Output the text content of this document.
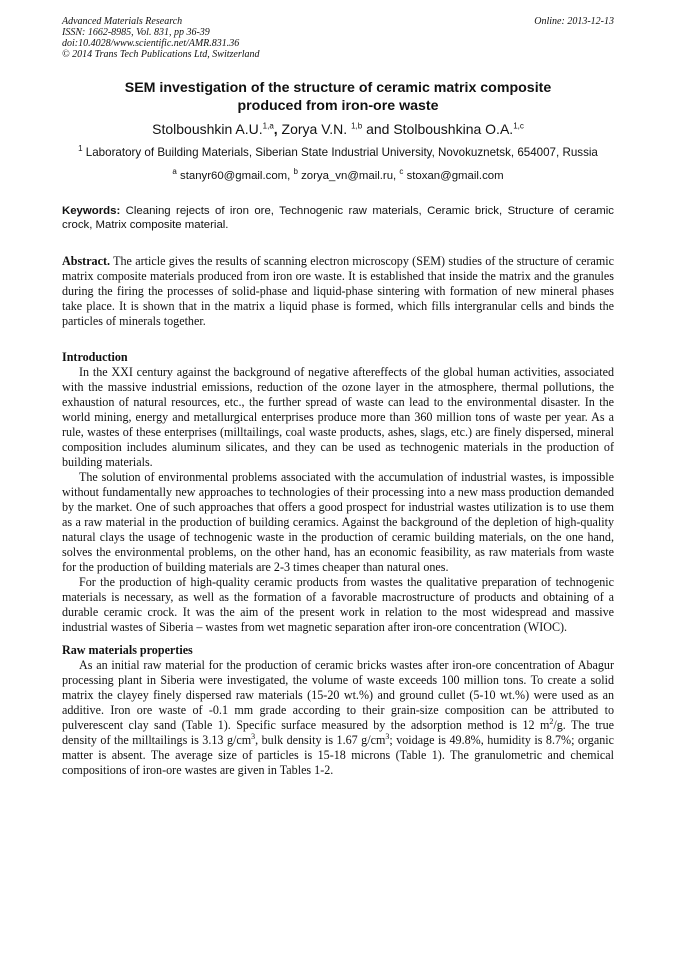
Advanced Materials Research
ISSN: 1662-8985, Vol. 831, pp 36-39
doi:10.4028/www.scientific.net/AMR.831.36
© 2014 Trans Tech Publications Ltd, Switzerland
Online: 2013-12-13
SEM investigation of the structure of ceramic matrix composite
produced from iron-ore waste
Stolboushkin A.U.$^{1,a}$, Zorya V.N. $^{1,b}$ and Stolboushkina O.A.$^{1,c}$
$^1$ Laboratory of Building Materials, Siberian State Industrial University, Novokuznetsk, 654007, Russia
$^a$ stanyr60@gmail.com, $^b$ zorya_vn@mail.ru, $^c$ stoxan@gmail.com
Keywords: Cleaning rejects of iron ore, Technogenic raw materials, Ceramic brick, Structure of ceramic crock, Matrix composite material.
Abstract. The article gives the results of scanning electron microscopy (SEM) studies of the structure of ceramic matrix composite materials produced from iron ore waste. It is established that inside the matrix and the granules during the firing the processes of solid-phase and liquid-phase sintering with formation of new mineral phases take place. It is shown that in the matrix a liquid phase is formed, which fills intergranular cells and binds the particles of minerals together.
Introduction

In the XXI century against the background of negative aftereffects of the global human activities, associated with the massive industrial emissions, reduction of the ozone layer in the atmosphere, thermal pollutions, the exhaustion of natural resources, etc., the further spread of waste can lead to the environmental disaster. In the world mining, energy and metallurgical enterprises produce more than 360 million tons of waste per year. As a rule, wastes of these enterprises (milltailings, coal waste products, ashes, slags, etc.) are finely dispersed, mineral composition includes aluminum silicates, and they can be used as technogenic materials in the production of building materials.

The solution of environmental problems associated with the accumulation of industrial wastes, is impossible without fundamentally new approaches to technologies of their processing into a new mass production demanded by the market. One of such approaches that offers a good prospect for industrial wastes utilization is to use them as a raw material in the production of building ceramics. Against the background of the depletion of high-quality natural clays the usage of technogenic waste in the production of ceramic building materials, on the one hand, solves the environmental problems, on the other hand, has an economic feasibility, as raw materials from waste for the production of building materials are 2-3 times cheaper than natural ones.

For the production of high-quality ceramic products from wastes the qualitative preparation of technogenic materials is necessary, as well as the formation of a favorable macrostructure of products and obtaining of a durable ceramic crock. It was the aim of the present work in relation to the most widespread and massive industrial wastes of Siberia – wastes from wet magnetic separation after iron-ore concentration (WIOC).

Raw materials properties

As an initial raw material for the production of ceramic bricks wastes after iron-ore concentration of Abagur processing plant in Siberia were investigated, the volume of waste exceeds 100 million tons. To create a solid matrix the clayey finely dispersed raw materials (15-20 wt.%) and ground cullet (5-10 wt.%) were used as an additive. Iron ore waste of -0.1 mm grade according to their grain-size composition can be attributed to pulverescent clay sand (Table 1). Specific surface measured by the adsorption method is 12 $m^2/g$. The true density of the milltailings is 3.13 $g/cm^3$, bulk density is 1.67 $g/cm^3$; voidage is 49.8%, humidity is 8.7%; organic matter is absent. The average size of particles is 15-18 microns (Table 1). The granulometric and chemical compositions of iron-ore wastes are given in Tables 1-2.
